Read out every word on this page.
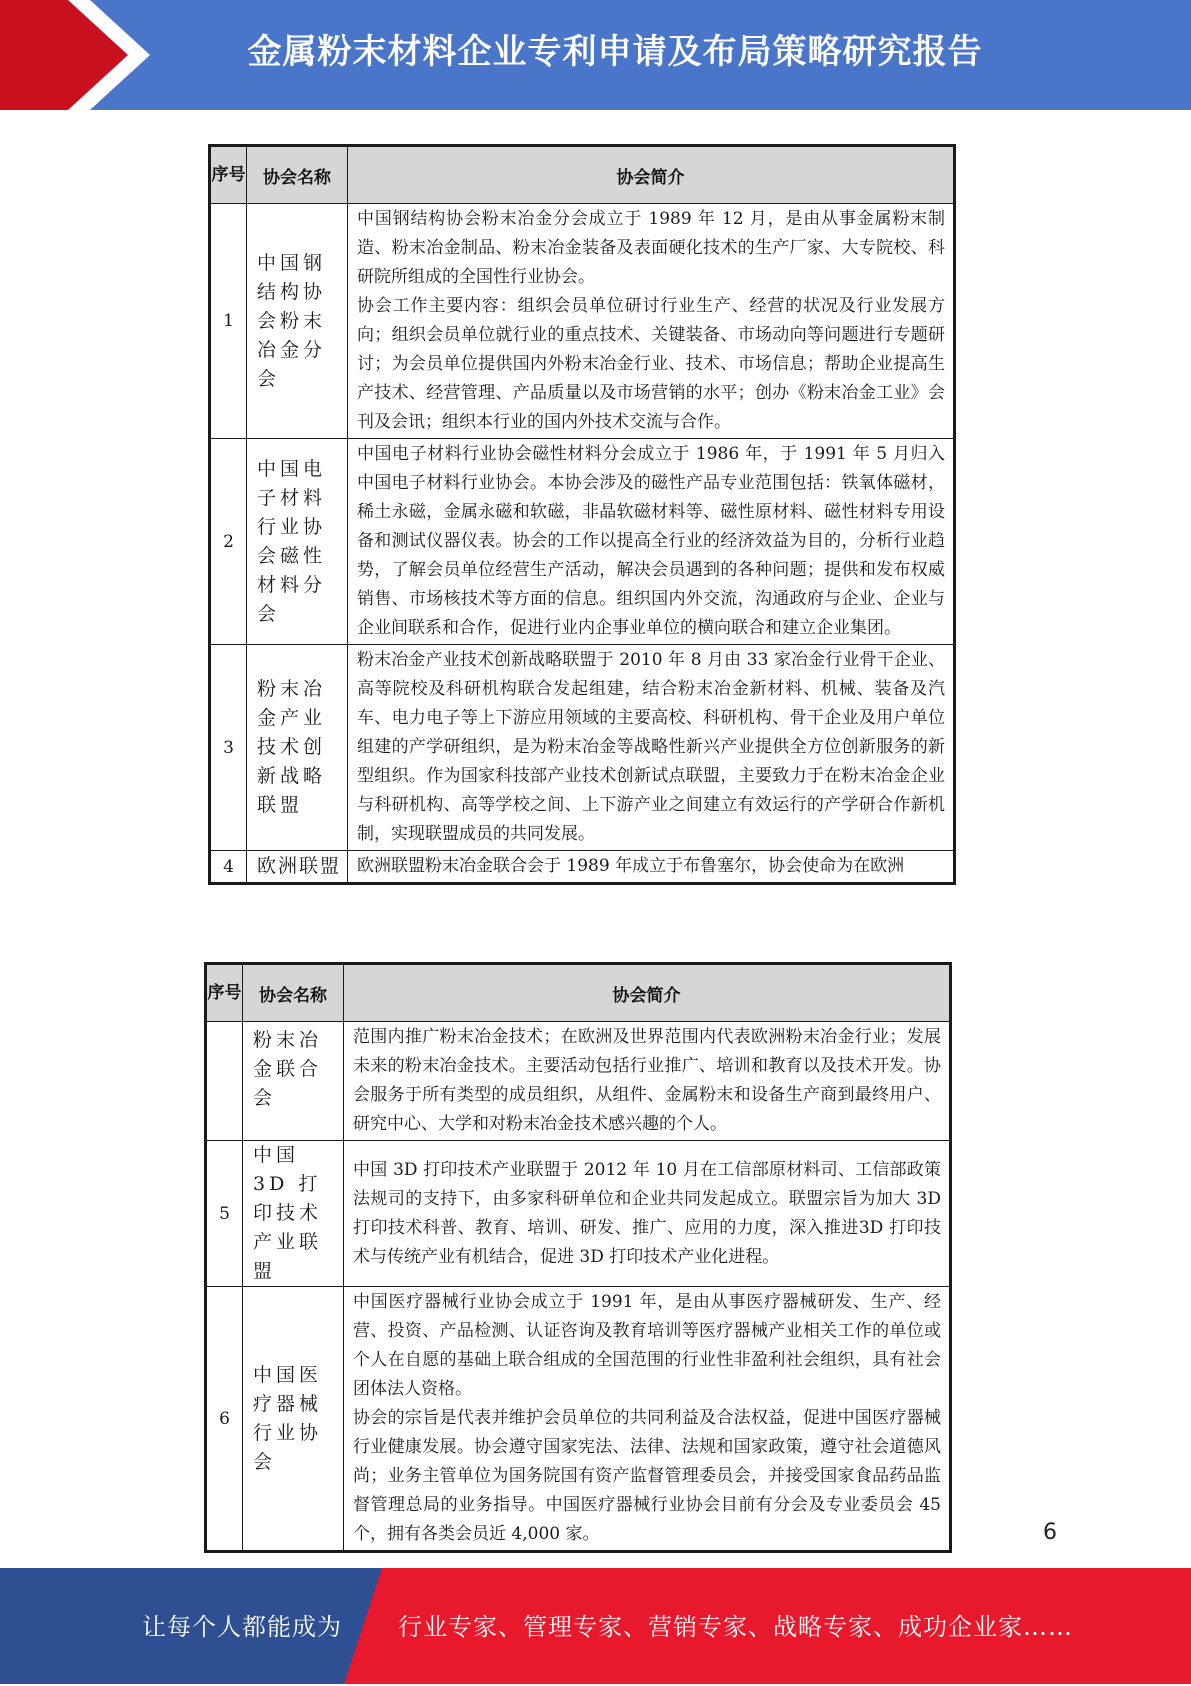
金属粉末材料企业专利申请及布局策略研究报告
序号	协会名称	协会简介
1	中国钢结构协会粉末冶金分会	中国钢结构协会粉末冶金分会成立于 1989 年 12 月，是由从事金属粉末制造、粉末冶金制品、粉末冶金装备及表面硬化技术的生产厂家、大专院校、科研院所组成的全国性行业协会。
协会工作主要内容：组织会员单位研讨行业生产、经营的状况及行业发展方向；组织会员单位就行业的重点技术、关键装备、市场动向等问题进行专题研讨；为会员单位提供国内外粉末冶金行业、技术、市场信息；帮助企业提高生产技术、经营管理、产品质量以及市场营销的水平；创办《粉末冶金工业》会刊及会讯；组织本行业的国内外技术交流与合作。

2	中国电子材料行业协会磁性材料分会	中国电子材料行业协会磁性材料分会成立于 1986 年，于 1991 年 5 月归入中国电子材料行业协会。本协会涉及的磁性产品专业范围包括：铁氧体磁材，稀土永磁，金属永磁和软磁，非晶软磁材料等、磁性原材料、磁性材料专用设备和测试仪器仪表。协会的工作以提高全行业的经济效益为目的，分析行业趋势，了解会员单位经营生产活动，解决会员遇到的各种问题；提供和发布权威销售、市场核技术等方面的信息。组织国内外交流，沟通政府与企业、企业与企业间联系和合作，促进行业内企事业单位的横向联合和建立企业集团。

3	粉末冶金产业技术创新战略联盟	粉末冶金产业技术创新战略联盟于 2010 年 8 月由 33 家冶金行业骨干企业、高等院校及科研机构联合发起组建，结合粉末冶金新材料、机械、装备及汽车、电力电子等上下游应用领域的主要高校、科研机构、骨干企业及用户单位组建的产学研组织，是为粉末冶金等战略性新兴产业提供全方位创新服务的新型组织。作为国家科技部产业技术创新试点联盟，主要致力于在粉末冶金企业与科研机构、高等学校之间、上下游产业之间建立有效运行的产学研合作新机制，实现联盟成员的共同发展。

4	欧洲联盟	欧洲联盟粉末冶金联合会于 1989 年成立于布鲁塞尔，协会使命为在欧洲
序号	协会名称	协会简介
	粉末冶金联合会	范围内推广粉末冶金技术；在欧洲及世界范围内代表欧洲粉末冶金行业；发展未来的粉末冶金技术。主要活动包括行业推广、培训和教育以及技术开发。协会服务于所有类型的成员组织，从组件、金属粉末和设备生产商到最终用户、研究中心、大学和对粉末冶金技术感兴趣的个人。

5	中国 3D 打印技术产业联盟	中国 3D 打印技术产业联盟于 2012 年 10 月在工信部原材料司、工信部政策法规司的支持下，由多家科研单位和企业共同发起成立。联盟宗旨为加大 3D 打印技术科普、教育、培训、研发、推广、应用的力度，深入推进3D 打印技术与传统产业有机结合，促进 3D 打印技术产业化进程。

6	中国医疗器械行业协会	中国医疗器械行业协会成立于 1991 年，是由从事医疗器械研发、生产、经营、投资、产品检测、认证咨询及教育培训等医疗器械产业相关工作的单位或个人在自愿的基础上联合组成的全国范围的行业性非盈利社会组织，具有社会团体法人资格。
协会的宗旨是代表并维护会员单位的共同利益及合法权益，促进中国医疗器械行业健康发展。协会遵守国家宪法、法律、法规和国家政策，遵守社会道德风尚；业务主管单位为国务院国有资产监督管理委员会，并接受国家食品药品监督管理总局的业务指导。中国医疗器械行业协会目前有分会及专业委员会 45 个，拥有各类会员近 4,000 家。	6
让每个人都能成为 行业专家、管理专家、营销专家、战略专家、成功企业家……
